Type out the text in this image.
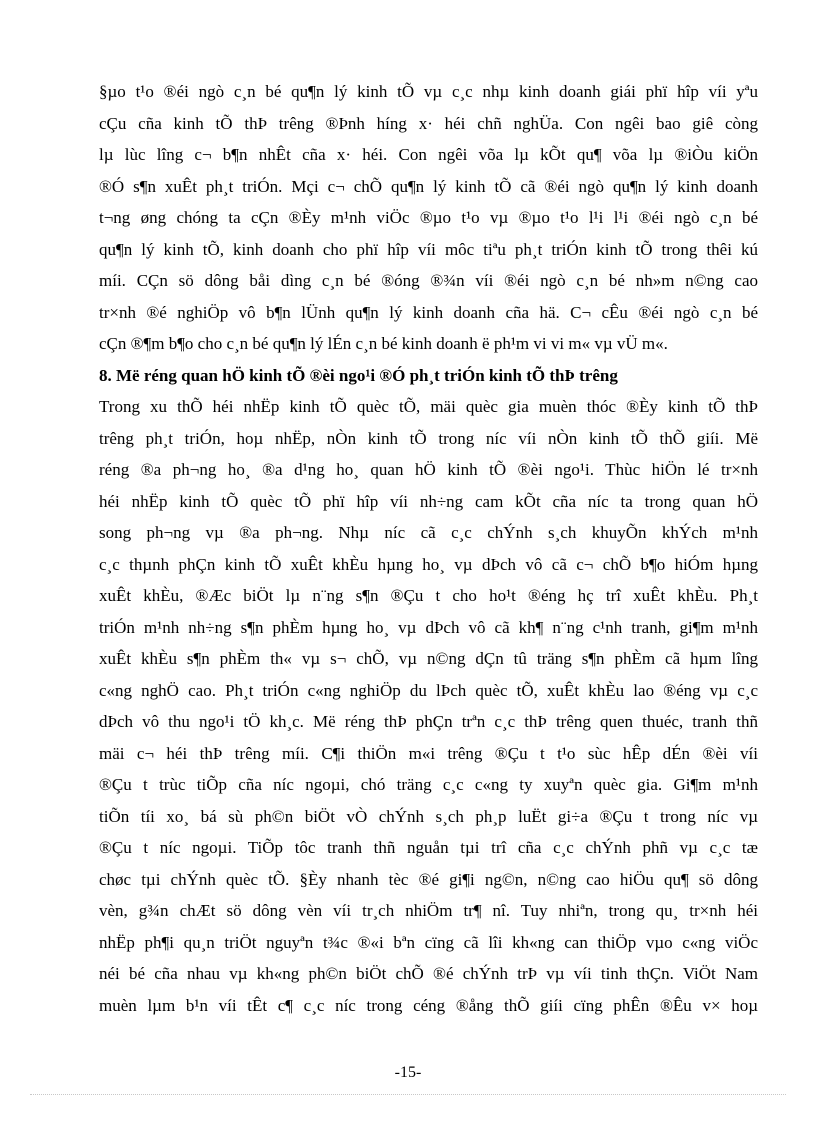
§µo t¹o ®éi ngò c¸n bé qu¶n lý kinh tÕ vµ c¸c nhµ kinh doanh giái phï hîp víi yªu
cÇu cña kinh tÕ thÞ trêng ®Þnh híng x· héi chñ nghÜa. Con ngêi bao giê còng
lµ lùc lîng c¬ b¶n nhÊt cña x· héi. Con ngêi võa lµ kÕt qu¶ võa lµ ®iÒu kiÖn
®Ó s¶n xuÊt ph¸t triÓn. Mçi c¬ chÕ qu¶n lý kinh tÕ cã ®éi ngò qu¶n lý kinh doanh
t¬ng øng chóng ta cÇn ®Èy m¹nh viÖc ®µo t¹o vµ ®µo t¹o l¹i l¹i ®éi ngò c¸n bé
qu¶n lý kinh tÕ, kinh doanh cho phï hîp víi môc tiªu ph¸t triÓn kinh tÕ trong thêi kú
míi. CÇn sö dông båi dìng c¸n bé ®óng ®¾n víi ®éi ngò c¸n bé nh»m n©ng cao
tr×nh ®é nghiÖp vô b¶n lÜnh qu¶n lý kinh doanh cña hä. C¬ cÊu ®éi ngò c¸n bé
cÇn ®¶m b¶o cho c¸n bé qu¶n lý lÉn c¸n bé kinh doanh ë ph¹m vi vi m« vµ vÜ m«.
8. Më réng quan hÖ kinh tÕ ®èi ngo¹i ®Ó ph¸t triÓn kinh tÕ thÞ trêng
Trong xu thÕ héi nhËp kinh tÕ quèc tÕ, mäi quèc gia muèn thóc ®Èy kinh tÕ thÞ
trêng ph¸t triÓn, hoµ nhËp, nÒn kinh tÕ trong níc víi nÒn kinh tÕ thÕ giíi. Më
réng ®a ph¬ng ho¸ ®a d¹ng ho¸ quan hÖ kinh tÕ ®èi ngo¹i. Thùc hiÖn lé tr×nh
héi nhËp kinh tÕ quèc tÕ phï hîp víi nh÷ng cam kÕt cña níc ta trong quan hÖ
song ph¬ng vµ ®a ph¬ng. Nhµ níc cã c¸c chÝnh s¸ch khuyÕn khÝch m¹nh
c¸c thµnh phÇn kinh tÕ xuÊt khÈu hµng ho¸ vµ dÞch vô cã c¬ chÕ b¶o hiÓm hµng
xuÊt khÈu, ®Æc biÖt lµ n¨ng s¶n ®Çu t cho ho¹t ®éng hç trî xuÊt khÈu. Ph¸t
triÓn m¹nh nh÷ng s¶n phÈm hµng ho¸ vµ dÞch vô cã kh¶ n¨ng c¹nh tranh, gi¶m m¹nh
xuÊt khÈu s¶n phÈm th« vµ s¬ chÕ, vµ n©ng dÇn tû träng s¶n phÈm cã hµm lîng
c«ng nghÖ cao. Ph¸t triÓn c«ng nghiÖp du lÞch quèc tÕ, xuÊt khÈu lao ®éng vµ c¸c
dÞch vô thu ngo¹i tÖ kh¸c. Më réng thÞ phÇn trªn c¸c thÞ trêng quen thuéc, tranh thñ
mäi c¬ héi thÞ trêng míi. C¶i thiÖn m«i trêng ®Çu t t¹o sùc hÊp dÉn ®èi víi
®Çu t trùc tiÕp cña níc ngoµi, chó träng c¸c c«ng ty xuyªn quèc gia. Gi¶m m¹nh
tiÕn tíi xo¸ bá sù ph©n biÖt vÒ chÝnh s¸ch ph¸p luËt gi÷a ®Çu t trong níc vµ
®Çu t níc ngoµi. TiÕp tôc tranh thñ nguån tµi trî cña c¸c chÝnh phñ vµ c¸c tæ
chøc tµi chÝnh quèc tÕ. §Èy nhanh tèc ®é gi¶i ng©n, n©ng cao hiÖu qu¶ sö dông
vèn, g¾n chÆt sö dông vèn víi tr¸ch nhiÖm tr¶ nî. Tuy nhiªn, trong qu¸ tr×nh héi
nhËp ph¶i qu¸n triÖt nguyªn t¾c ®«i bªn cïng cã lîi kh«ng can thiÖp vµo c«ng viÖc
néi bé cña nhau vµ kh«ng ph©n biÖt chÕ ®é chÝnh trÞ vµ víi tinh thÇn. ViÖt Nam
muèn lµm b¹n víi tÊt c¶ c¸c níc trong céng ®ång thÕ giíi cïng phÊn ®Êu v× hoµ
-15-
